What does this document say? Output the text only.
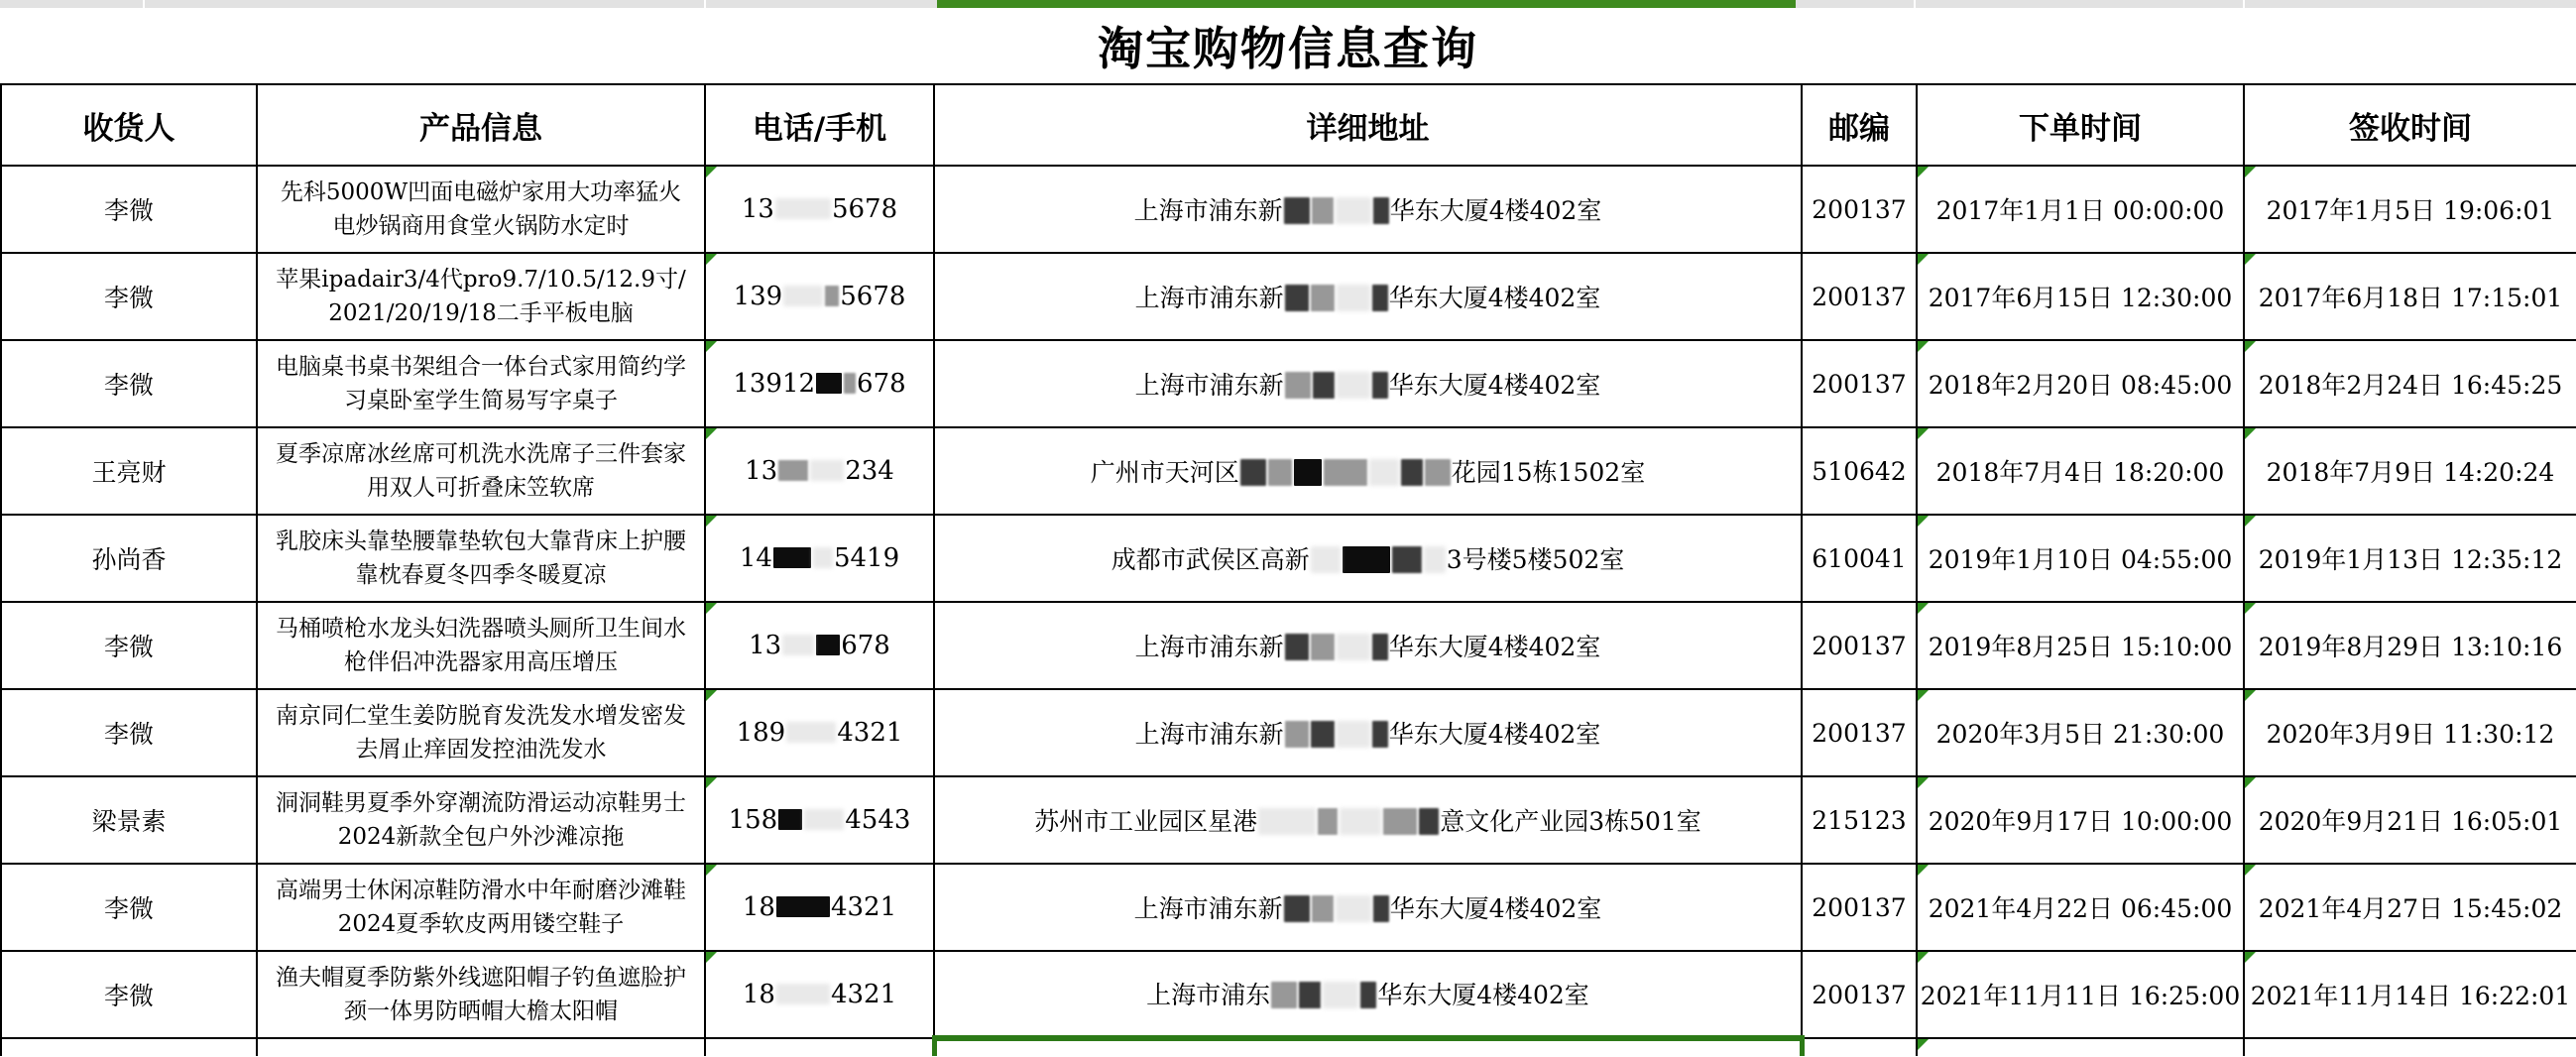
淘宝购物信息查询
收货人	产品信息	电话/手机	详细地址	邮编	下单时间	签收时间
李微	先科5000W凹面电磁炉家用大功率猛火电炒锅商用食堂火锅防水定时	13 5678	上海市浦东新 华东大厦4楼402室	200137	2017年1月1日 00:00:00	2017年1月5日 19:06:01

李微	苹果ipadair3/4代pro9.7/10.5/12.9寸/2021/20/19/18二手平板电脑	139 5678	上海市浦东新 华东大厦4楼402室	200137	2017年6月15日 12:30:00	2017年6月18日 17:15:01

李微	电脑桌书桌书架组合一体台式家用简约学习桌卧室学生简易写字桌子	13912 678	上海市浦东新 华东大厦4楼402室	200137	2018年2月20日 08:45:00	2018年2月24日 16:45:25

王亮财	夏季凉席冰丝席可机洗水洗席子三件套家用双人可折叠床笠软席	13 234	广州市天河区 花园15栋1502室	510642	2018年7月4日 18:20:00	2018年7月9日 14:20:24

孙尚香	乳胶床头靠垫腰靠垫软包大靠背床上护腰靠枕春夏冬四季冬暖夏凉	14 5419	成都市武侯区高新 3号楼5楼502室	610041	2019年1月10日 04:55:00	2019年1月13日 12:35:12

李微	马桶喷枪水龙头妇洗器喷头厕所卫生间水枪伴侣冲洗器家用高压增压	13 678	上海市浦东新 华东大厦4楼402室	200137	2019年8月25日 15:10:00	2019年8月29日 13:10:16

李微	南京同仁堂生姜防脱育发洗发水增发密发去屑止痒固发控油洗发水	189 4321	上海市浦东新 华东大厦4楼402室	200137	2020年3月5日 21:30:00	2020年3月9日 11:30:12

梁景素	洞洞鞋男夏季外穿潮流防滑运动凉鞋男士2024新款全包户外沙滩凉拖	158 4543	苏州市工业园区星港 意文化产业园3栋501室	215123	2020年9月17日 10:00:00	2020年9月21日 16:05:01

李微	高端男士休闲凉鞋防滑水中年耐磨沙滩鞋2024夏季软皮两用镂空鞋子	18 4321	上海市浦东新 华东大厦4楼402室	200137	2021年4月22日 06:45:00	2021年4月27日 15:45:02

李微	渔夫帽夏季防紫外线遮阳帽子钓鱼遮脸护颈一体男防晒帽大檐太阳帽	18 4321	上海市浦东 华东大厦4楼402室	200137	2021年11月11日 16:25:00	2021年11月14日 16:22:01
